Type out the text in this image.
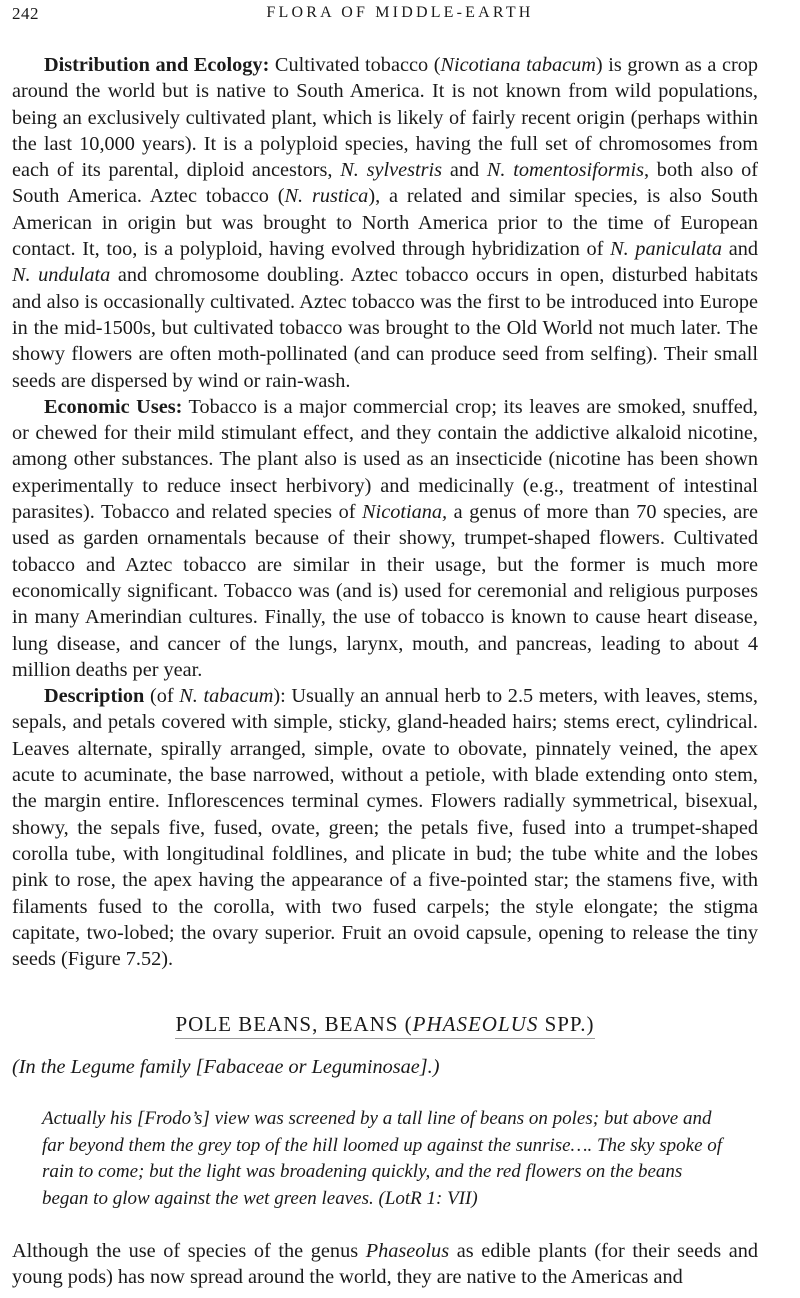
242	FLORA OF MIDDLE-EARTH

Distribution and Ecology: Cultivated tobacco (Nicotiana tabacum) is grown as a crop around the world but is native to South America. It is not known from wild populations, being an exclusively cultivated plant, which is likely of fairly recent origin (perhaps within the last 10,000 years). It is a polyploid species, having the full set of chromosomes from each of its parental, diploid ancestors, N. sylvestris and N. tomentosiformis, both also of South America. Aztec tobacco (N. rustica), a related and similar species, is also South American in origin but was brought to North America prior to the time of European contact. It, too, is a polyploid, having evolved through hybridization of N. paniculata and N. undulata and chromosome doubling. Aztec tobacco occurs in open, disturbed habitats and also is occasionally cultivated. Aztec tobacco was the first to be introduced into Europe in the mid-1500s, but cultivated tobacco was brought to the Old World not much later. The showy flowers are often moth-pollinated (and can produce seed from selfing). Their small seeds are dispersed by wind or rain-wash.

Economic Uses: Tobacco is a major commercial crop; its leaves are smoked, snuffed, or chewed for their mild stimulant effect, and they contain the addictive alkaloid nicotine, among other substances. The plant also is used as an insecticide (nicotine has been shown experimentally to reduce insect herbivory) and medicinally (e.g., treatment of intestinal parasites). Tobacco and related species of Nicotiana, a genus of more than 70 species, are used as garden ornamentals because of their showy, trumpet-shaped flowers. Cultivated tobacco and Aztec tobacco are similar in their usage, but the former is much more economically significant. Tobacco was (and is) used for ceremonial and religious purposes in many Amerindian cultures. Finally, the use of tobacco is known to cause heart disease, lung disease, and cancer of the lungs, larynx, mouth, and pancreas, leading to about 4 million deaths per year.

Description (of N. tabacum): Usually an annual herb to 2.5 meters, with leaves, stems, sepals, and petals covered with simple, sticky, gland-headed hairs; stems erect, cylindrical. Leaves alternate, spirally arranged, simple, ovate to obovate, pinnately veined, the apex acute to acuminate, the base narrowed, without a petiole, with blade extending onto stem, the margin entire. Inflorescences terminal cymes. Flowers radially symmetrical, bisexual, showy, the sepals five, fused, ovate, green; the petals five, fused into a trumpet-shaped corolla tube, with longitudinal foldlines, and plicate in bud; the tube white and the lobes pink to rose, the apex having the appearance of a five-pointed star; the stamens five, with filaments fused to the corolla, with two fused carpels; the style elongate; the stigma capitate, two-lobed; the ovary superior. Fruit an ovoid capsule, opening to release the tiny seeds (Figure 7.52).

POLE BEANS, BEANS (PHASEOLUS SPP.)

(In the Legume family [Fabaceae or Leguminosae].)

Actually his [Frodo’s] view was screened by a tall line of beans on poles; but above and far beyond them the grey top of the hill loomed up against the sunrise…. The sky spoke of rain to come; but the light was broadening quickly, and the red flowers on the beans began to glow against the wet green leaves. (LotR 1: VII)

Although the use of species of the genus Phaseolus as edible plants (for their seeds and young pods) has now spread around the world, they are native to the Americas and
